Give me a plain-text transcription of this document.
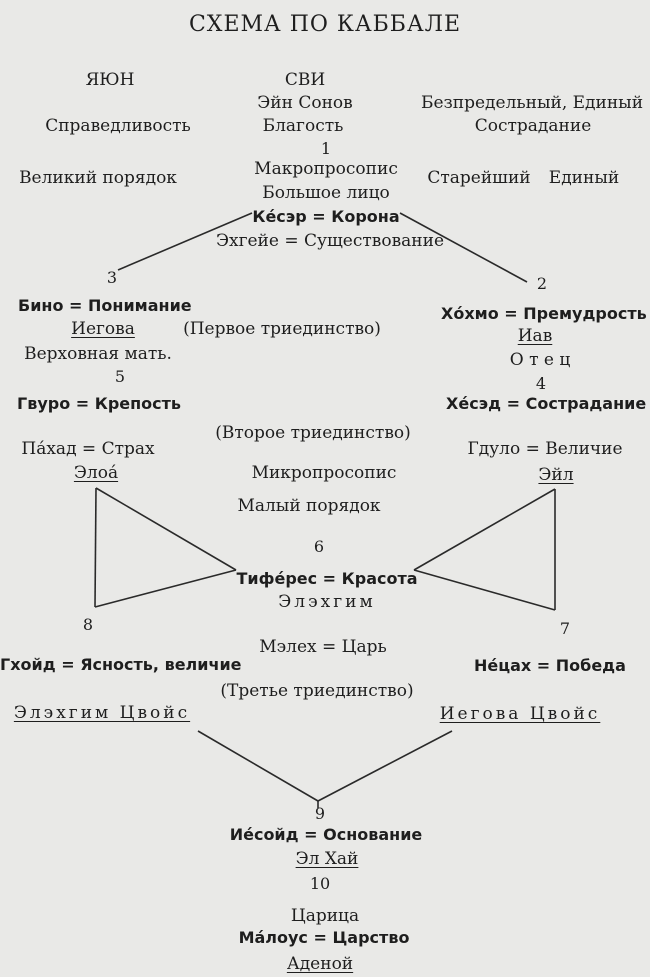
СХЕМА ПО КАББАЛЕ
ЯЮН	СВИ
Эйн Сонов	Безпредельный, Единый
Справедливость	Благость	Сострадание
1
Макропросопис
Великий порядок	Старейший Единый
Большое лицо
Ке́сэр = Корона
Эхгейе = Существование
3	2
Бино = Понимание	Хо́хмо = Премудрость
Иегова	(Первое триединство)	Иав
Верховная мать.	О т е ц
5	4
Гвуро = Крепость	Хе́сэд = Сострадание
(Второе триединство)
Па́хад = Страх	Гдуло = Величие
Элоа́	Микропросопис	Эйл
Малый порядок
6
Тифе́рес = Красота
Элэхгим
8	7
Мэлех = Царь
Гхойд = Ясность, величие	Не́цах = Победа
(Третье триединство)
Элэхгим Цвойс	Иегова Цвойс
9
Ие́сойд = Основание
Эл Хай
10
Царица
Ма́лоус = Царство
Аденой
